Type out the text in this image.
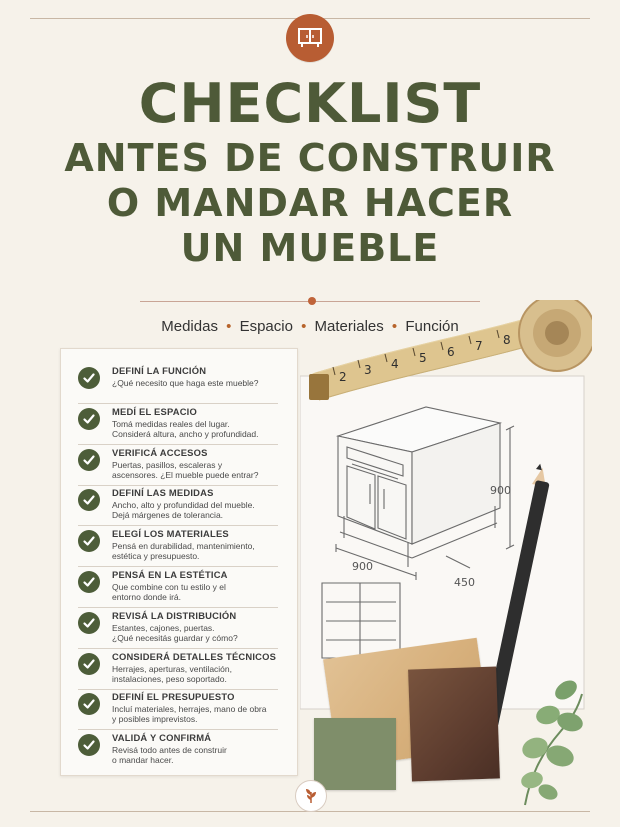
CHECKLIST
ANTES DE CONSTRUIR
O MANDAR HACER
UN MUEBLE
Medidas • Espacio • Materiales • Función
DEFINÍ LA FUNCIÓN
¿Qué necesito que haga este mueble?
MEDÍ EL ESPACIO
Tomá medidas reales del lugar.
Considerá altura, ancho y profundidad.
VERIFICÁ ACCESOS
Puertas, pasillos, escaleras y
ascensores. ¿El mueble puede entrar?
DEFINÍ LAS MEDIDAS
Ancho, alto y profundidad del mueble.
Dejá márgenes de tolerancia.
ELEGÍ LOS MATERIALES
Pensá en durabilidad, mantenimiento,
estética y presupuesto.
PENSÁ EN LA ESTÉTICA
Que combine con tu estilo y el
entorno donde irá.
REVISÁ LA DISTRIBUCIÓN
Estantes, cajones, puertas.
¿Qué necesitás guardar y cómo?
CONSIDERÁ DETALLES TÉCNICOS
Herrajes, aperturas, ventilación,
instalaciones, peso soportado.
DEFINÍ EL PRESUPUESTO
Incluí materiales, herrajes, mano de obra
y posibles imprevistos.
VALIDÁ Y CONFIRMÁ
Revisá todo antes de construir
o mandar hacer.
900
900
450
2 3 4 5 6 7 8
